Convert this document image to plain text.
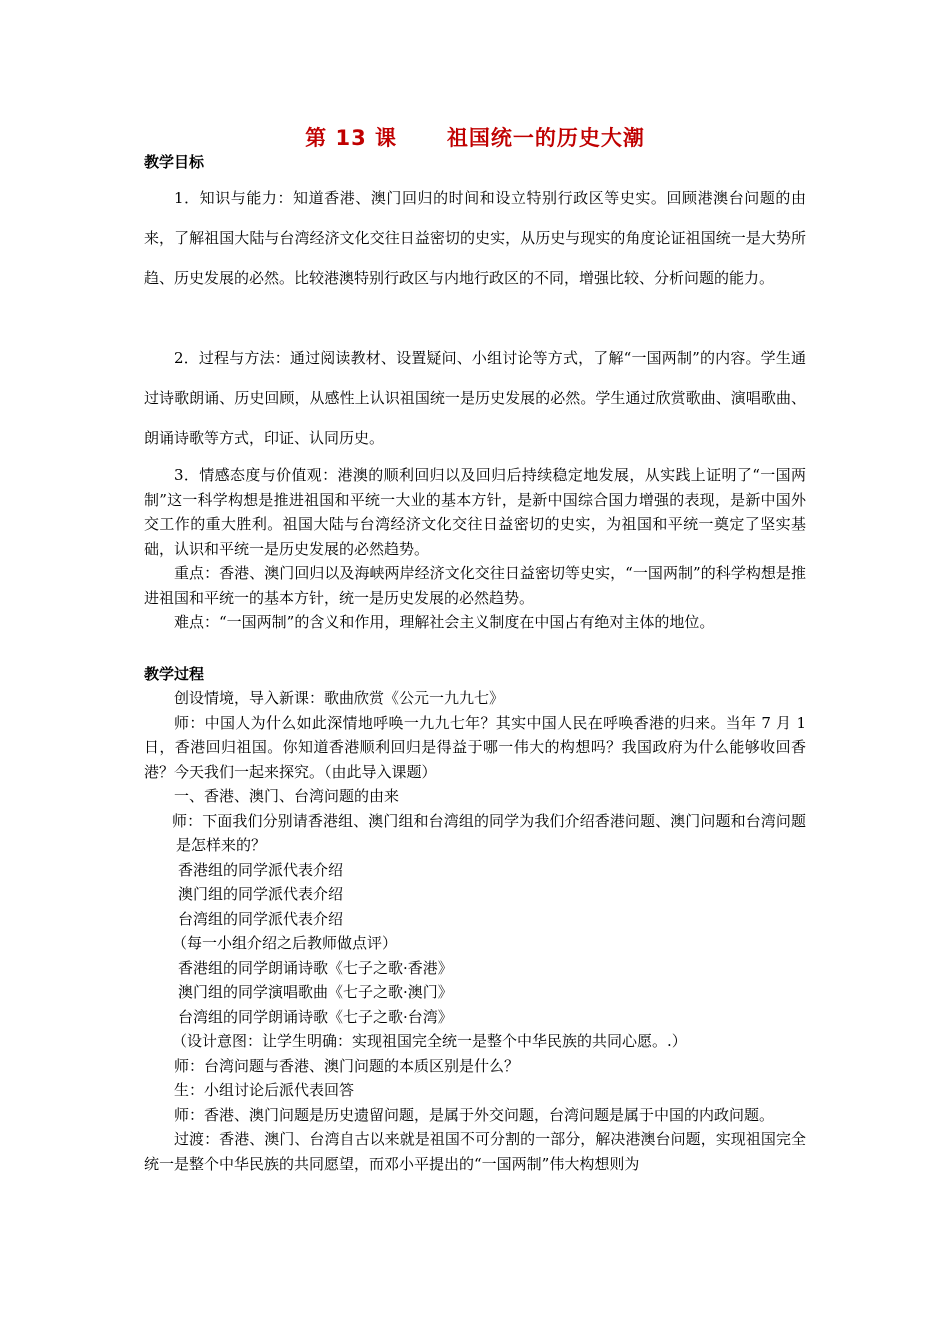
第 13 课      祖国统一的历史大潮
教学目标

1．知识与能力：知道香港、澳门回归的时间和设立特别行政区等史实。回顾港澳台问题的由来，了解祖国大陆与台湾经济文化交往日益密切的史实，从历史与现实的角度论证祖国统一是大势所趋、历史发展的必然。比较港澳特别行政区与内地行政区的不同，增强比较、分析问题的能力。

2．过程与方法：通过阅读教材、设置疑问、小组讨论等方式，了解“一国两制”的内容。学生通过诗歌朗诵、历史回顾，从感性上认识祖国统一是历史发展的必然。学生通过欣赏歌曲、演唱歌曲、朗诵诗歌等方式，印证、认同历史。

3．情感态度与价值观：港澳的顺利回归以及回归后持续稳定地发展，从实践上证明了“一国两制”这一科学构想是推进祖国和平统一大业的基本方针，是新中国综合国力增强的表现，是新中国外交工作的重大胜利。祖国大陆与台湾经济文化交往日益密切的史实，为祖国和平统一奠定了坚实基础，认识和平统一是历史发展的必然趋势。

重点：香港、澳门回归以及海峡两岸经济文化交往日益密切等史实，“一国两制”的科学构想是推进祖国和平统一的基本方针，统一是历史发展的必然趋势。

难点：“一国两制”的含义和作用，理解社会主义制度在中国占有绝对主体的地位。

教学过程

创设情境，导入新课：歌曲欣赏《公元一九九七》

师：中国人为什么如此深情地呼唤一九九七年？其实中国人民在呼唤香港的归来。当年 7 月 1 日，香港回归祖国。你知道香港顺利回归是得益于哪一伟大的构想吗？我国政府为什么能够收回香港？今天我们一起来探究。（由此导入课题）

一、香港、澳门、台湾问题的由来

师：下面我们分别请香港组、澳门组和台湾组的同学为我们介绍香港问题、澳门问题和台湾问题是怎样来的？

香港组的同学派代表介绍

澳门组的同学派代表介绍

台湾组的同学派代表介绍

（每一小组介绍之后教师做点评）

香港组的同学朗诵诗歌《七子之歌·香港》

澳门组的同学演唱歌曲《七子之歌·澳门》

台湾组的同学朗诵诗歌《七子之歌·台湾》

（设计意图：让学生明确：实现祖国完全统一是整个中华民族的共同心愿。.）

师：台湾问题与香港、澳门问题的本质区别是什么？

生：小组讨论后派代表回答

师：香港、澳门问题是历史遗留问题，是属于外交问题，台湾问题是属于中国的内政问题。

过渡：香港、澳门、台湾自古以来就是祖国不可分割的一部分，解决港澳台问题，实现祖国完全统一是整个中华民族的共同愿望，而邓小平提出的“一国两制”伟大构想则为
